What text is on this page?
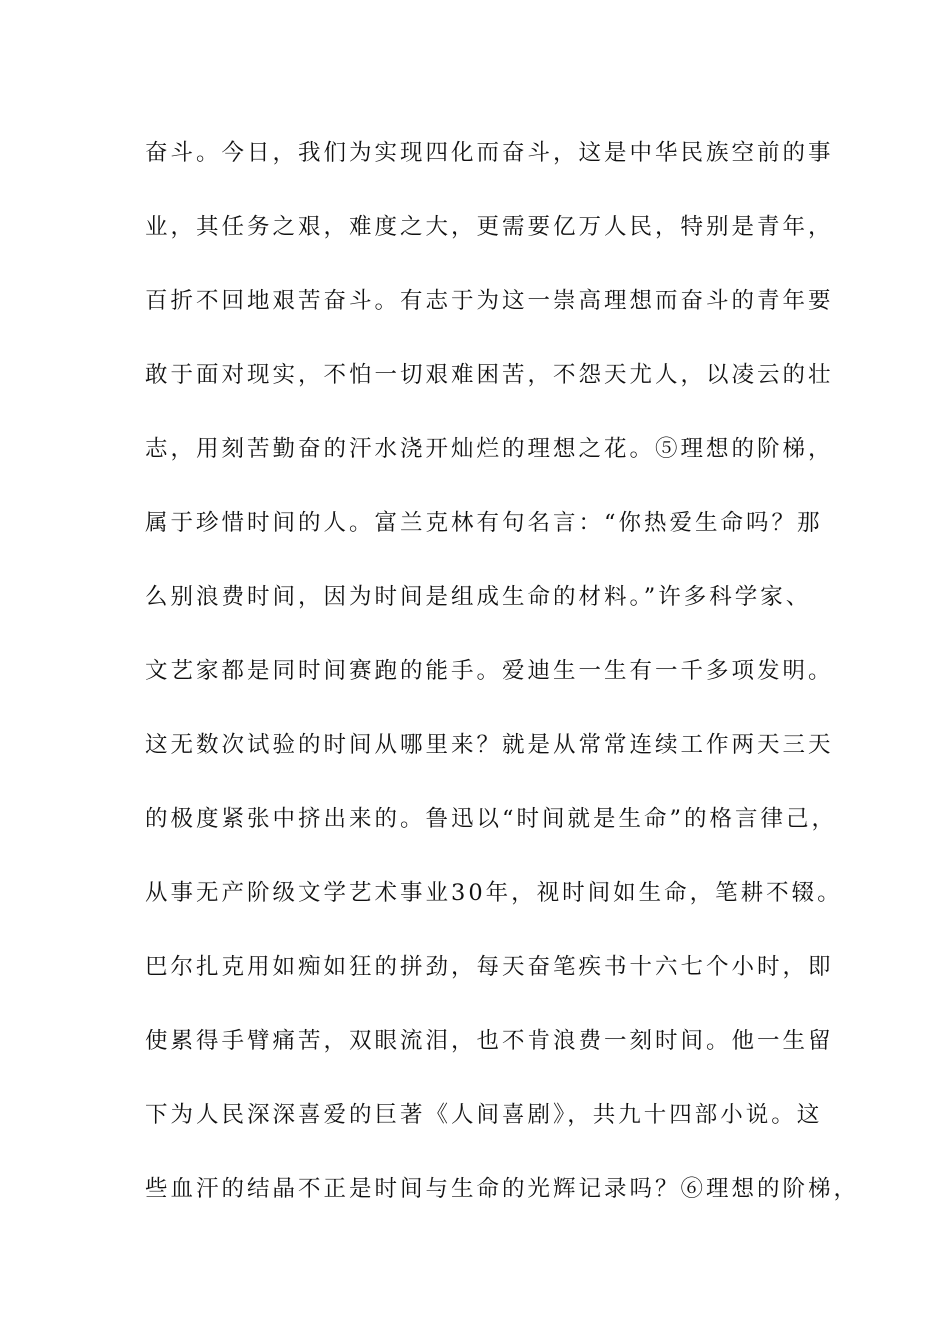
奋斗。今日，我们为实现四化而奋斗，这是中华民族空前的事
业，其任务之艰，难度之大，更需要亿万人民，特别是青年，
百折不回地艰苦奋斗。有志于为这一崇高理想而奋斗的青年要
敢于面对现实，不怕一切艰难困苦，不怨天尤人，以凌云的壮
志，用刻苦勤奋的汗水浇开灿烂的理想之花。⑤理想的阶梯，
属于珍惜时间的人。富兰克林有句名言：“你热爱生命吗？那
么别浪费时间，因为时间是组成生命的材料。”许多科学家、
文艺家都是同时间赛跑的能手。爱迪生一生有一千多项发明。
这无数次试验的时间从哪里来？就是从常常连续工作两天三天
的极度紧张中挤出来的。鲁迅以“时间就是生命”的格言律己，
从事无产阶级文学艺术事业30年，视时间如生命，笔耕不辍。
巴尔扎克用如痴如狂的拼劲，每天奋笔疾书十六七个小时，即
使累得手臂痛苦，双眼流泪，也不肯浪费一刻时间。他一生留
下为人民深深喜爱的巨著《人间喜剧》，共九十四部小说。这
些血汗的结晶不正是时间与生命的光辉记录吗？⑥理想的阶梯，
